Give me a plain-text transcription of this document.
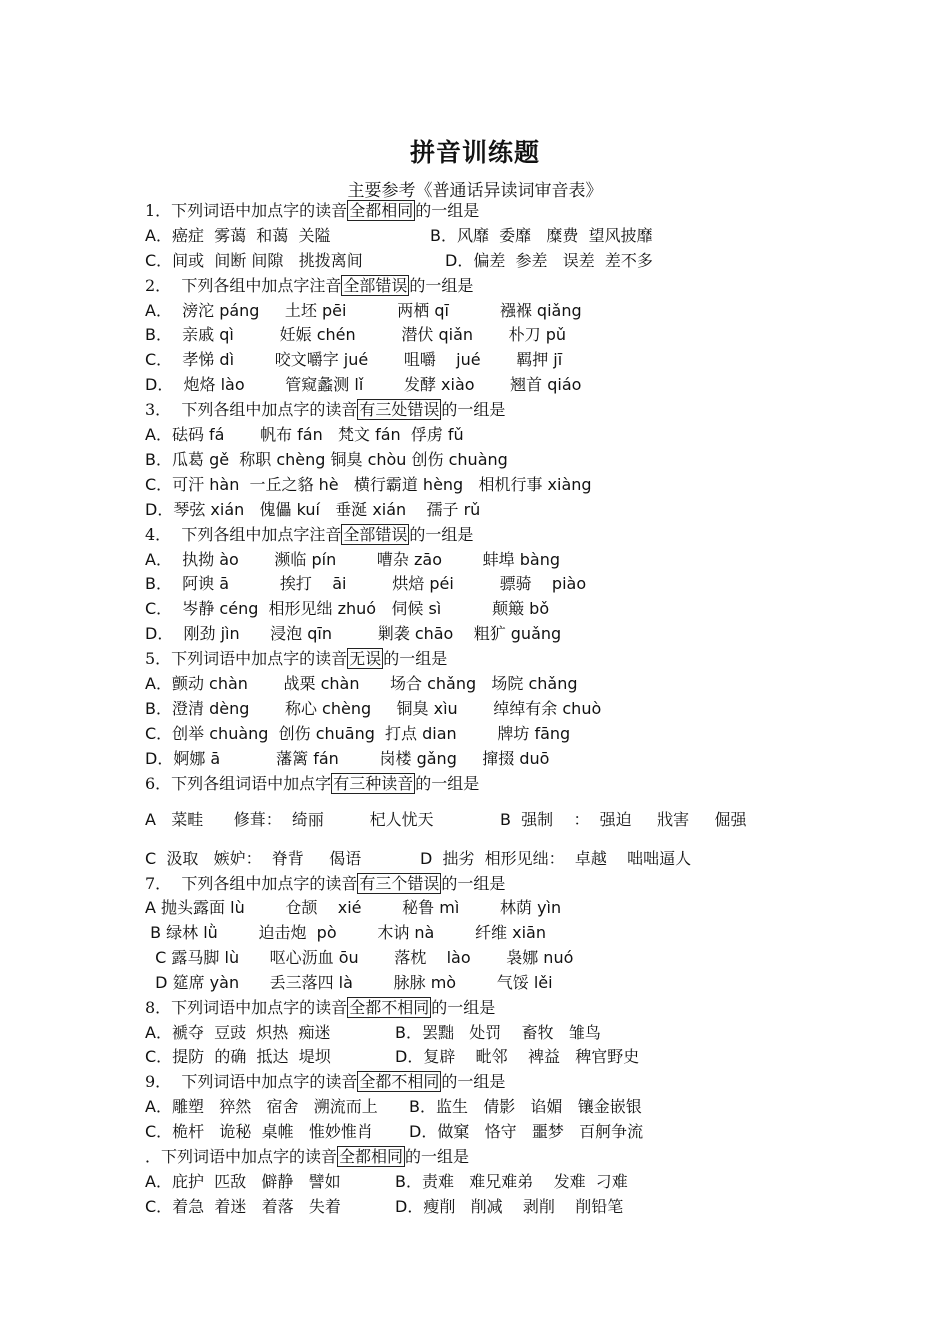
拼音训练题
主要参考《普通话异读词审音表》
1．下列词语中加点字的读音 全都相同 的一组是
A．癌症  雾蔼  和蔼  关隘	B．风靡  委靡   糜费  望风披靡
C．间或  间断 间隙   挑拨离间	D．偏差  参差   误差  差不多
2．  下列各组中加点字注音 全部错误 的一组是
A．  滂沱 páng     土坯 pēi          两栖 qī          襁褓 qiǎng
B．  亲戚 qì         妊娠 chén         潜伏 qiǎn       朴刀 pǔ
C．  孝悌 dì        咬文嚼字 jué       咀嚼    jué       羁押 jī
D．  炮烙 lào        管窥蠡测 lǐ        发酵 xiào       翘首 qiáo
3．  下列各组中加点字的读音 有三处错误 的一组是
A．砝码 fá       帆布 fán   梵文 fán  俘虏 fǔ
B．瓜葛 gě  称职 chèng 铜臭 chòu 创伤 chuàng
C．可汗 hàn  一丘之貉 hè   横行霸道 hèng   相机行事 xiàng
D．琴弦 xián   傀儡 kuí   垂涎 xián    孺子 rǔ
4．  下列各组中加点字注音 全部错误 的一组是
A．  执拗 ào       濒临 pín        嘈杂 zāo        蚌埠 bàng
B．  阿谀 ā          挨打    āi         烘焙 péi         骠骑    piào
C．  岑静 céng  相形见绌 zhuó   伺候 sì          颠簸 bǒ
D．  刚劲 jìn      浸泡 qīn         剿袭 chāo    粗犷 guǎng
5．下列词语中加点字的读音 无误 的一组是
A．颤动 chàn       战栗 chàn      场合 chǎng   场院 chǎng
B．澄清 dèng       称心 chèng     铜臭 xìu       绰绰有余 chuò
C．创举 chuàng  创伤 chuāng  打点 dian        牌坊 fāng
D．婀娜 ā           藩篱 fán        岗楼 gǎng     撺掇 duō
6．下列各组词语中加点字 有三种读音 的一组是
A   菜畦      修葺：  绮丽         杞人忧天	B  强制    ：  强迫     戕害     倔强
C  汲取   嫉妒：  脊背     偈语	D  拙劣  相形见绌：  卓越    咄咄逼人
7．  下列各组中加点字的读音 有三个错误 的一组是
A 抛头露面 lù        仓颉    xié        秘鲁 mì        林荫 yìn
B 绿林 lǜ        迫击炮  pò        木讷 nà        纤维 xiān
C 露马脚 lù      呕心沥血 ōu       落枕    lào       袅娜 nuó
D 筵席 yàn      丢三落四 là        脉脉 mò        气馁 lěi
8．下列词语中加点字的读音 全都不相同 的一组是
A．褫夺  豆豉  炽热  痴迷	B．罢黜   处罚    畜牧   雏鸟
C．提防  的确  抵达  堤坝	D．复辟    毗邻    裨益   稗官野史
9．  下列词语中加点字的读音 全都不相同 的一组是
A．雕塑   猝然   宿舍   溯流而上 B．监生   倩影   谄媚   镶金嵌银
C．桅杆   诡秘  桌帷   惟妙惟肖 D．做窠   恪守   噩梦   百舸争流
．下列词语中加点字的读音 全都相同 的一组是
A．庇护  匹敌   僻静   譬如	B．责难   难兄难弟    发难  刁难
C．着急  着迷   着落   失着	D．瘦削   削减    剥削    削铅笔
